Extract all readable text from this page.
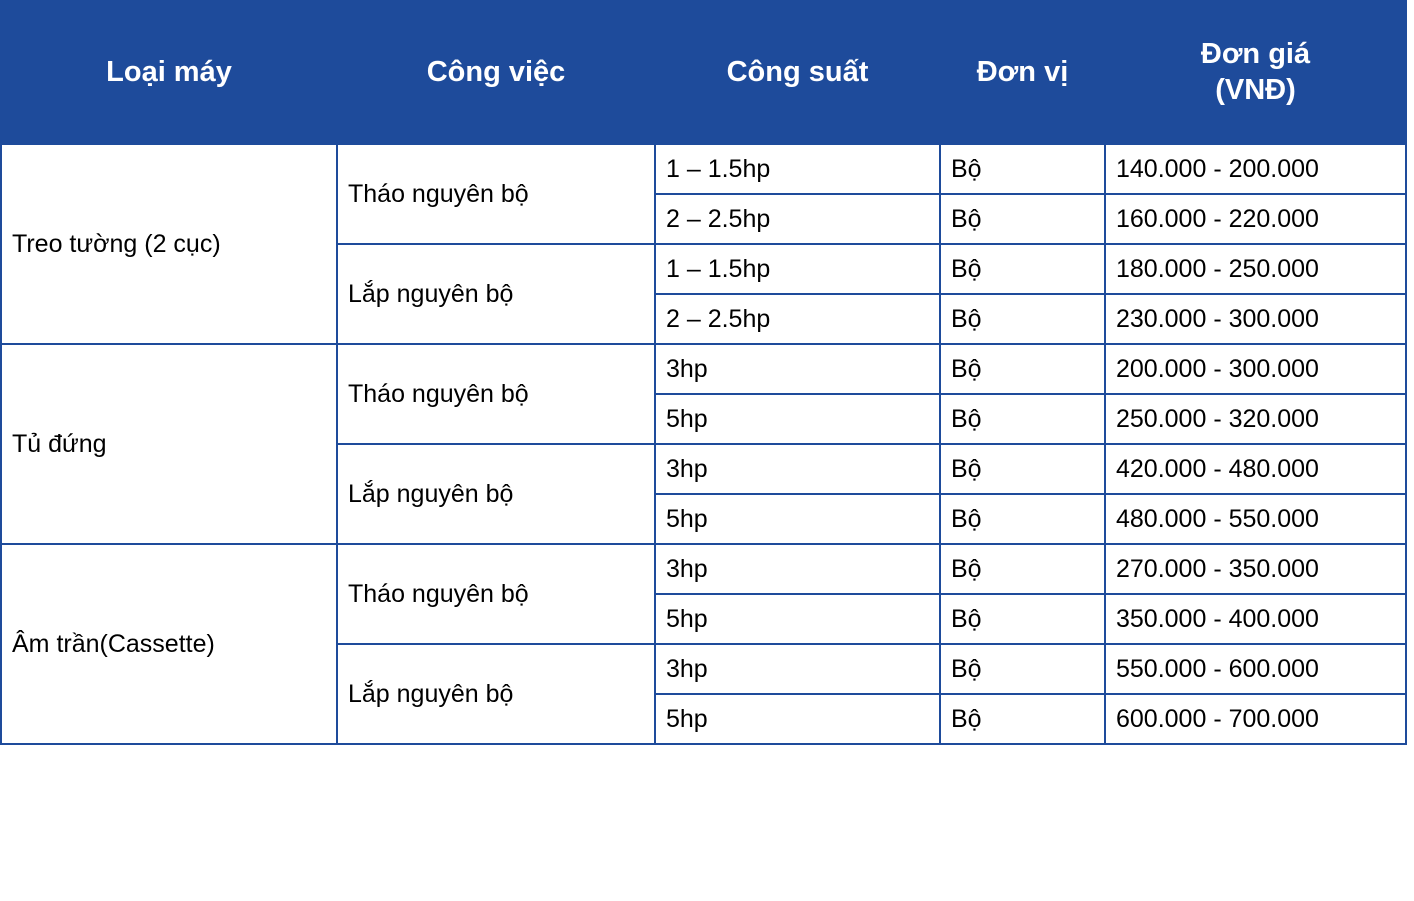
Loại máy	Công việc	Công suất	Đơn vị	Đơn giá
(VNĐ)

Treo tường (2 cục)	Tháo nguyên bộ	1 – 1.5hp	Bộ	140.000 - 200.000
		2 – 2.5hp	Bộ	160.000 - 220.000
	Lắp nguyên bộ	1 – 1.5hp	Bộ	180.000 - 250.000
		2 – 2.5hp	Bộ	230.000 - 300.000
Tủ đứng	Tháo nguyên bộ	3hp	Bộ	200.000 - 300.000
		5hp	Bộ	250.000 - 320.000
	Lắp nguyên bộ	3hp	Bộ	420.000 - 480.000
		5hp	Bộ	480.000 - 550.000
Âm trần(Cassette)	Tháo nguyên bộ	3hp	Bộ	270.000 - 350.000
		5hp	Bộ	350.000 - 400.000
	Lắp nguyên bộ	3hp	Bộ	550.000 - 600.000
		5hp	Bộ	600.000 - 700.000
